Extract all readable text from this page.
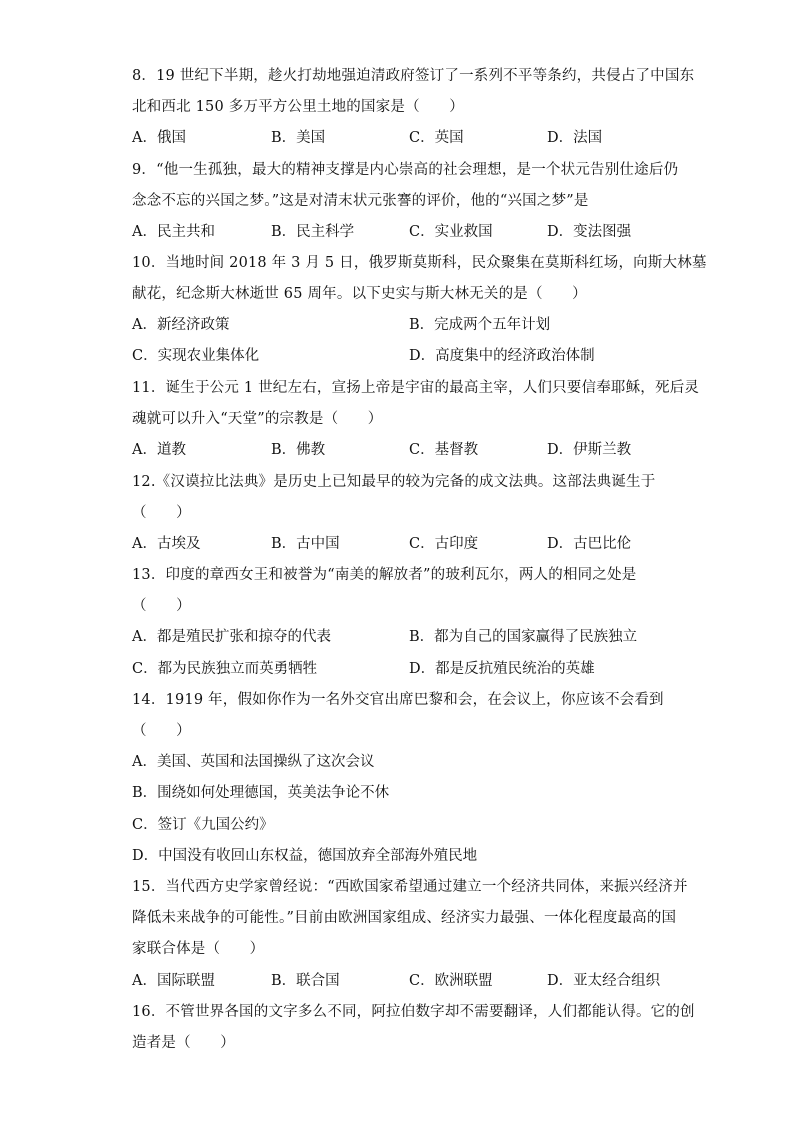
8．19 世纪下半期，趁火打劫地强迫清政府签订了一系列不平等条约，共侵占了中国东
北和西北 150 多万平方公里土地的国家是（　　）
A．俄国	B．美国	C．英国	D．法国
9．“他一生孤独，最大的精神支撑是内心崇高的社会理想，是一个状元告别仕途后仍
念念不忘的兴国之梦。”这是对清末状元张謇的评价，他的“兴国之梦”是
A．民主共和	B．民主科学	C．实业救国	D．变法图强
10．当地时间 2018 年 3 月 5 日，俄罗斯莫斯科，民众聚集在莫斯科红场，向斯大林墓
献花，纪念斯大林逝世 65 周年。以下史实与斯大林无关的是（　　）
A．新经济政策	B．完成两个五年计划
C．实现农业集体化	D．高度集中的经济政治体制
11．诞生于公元 1 世纪左右，宣扬上帝是宇宙的最高主宰，人们只要信奉耶稣，死后灵
魂就可以升入“天堂”的宗教是（　　）
A．道教	B．佛教	C．基督教	D．伊斯兰教
12.《汉谟拉比法典》是历史上已知最早的较为完备的成文法典。这部法典诞生于
（　　）
A．古埃及	B．古中国	C．古印度	D．古巴比伦
13．印度的章西女王和被誉为“南美的解放者”的玻利瓦尔，两人的相同之处是
（　　）
A．都是殖民扩张和掠夺的代表	B．都为自己的国家赢得了民族独立
C．都为民族独立而英勇牺牲	D．都是反抗殖民统治的英雄
14．1919 年，假如你作为一名外交官出席巴黎和会，在会议上，你应该不会看到
（　　）
A．美国、英国和法国操纵了这次会议
B．围绕如何处理德国，英美法争论不休
C．签订《九国公约》
D．中国没有收回山东权益，德国放弃全部海外殖民地
15．当代西方史学家曾经说：“西欧国家希望通过建立一个经济共同体，来振兴经济并
降低未来战争的可能性。”目前由欧洲国家组成、经济实力最强、一体化程度最高的国
家联合体是（　　）
A．国际联盟	B．联合国	C．欧洲联盟	D．亚太经合组织
16．不管世界各国的文字多么不同，阿拉伯数字却不需要翻译，人们都能认得。它的创
造者是（　　）
